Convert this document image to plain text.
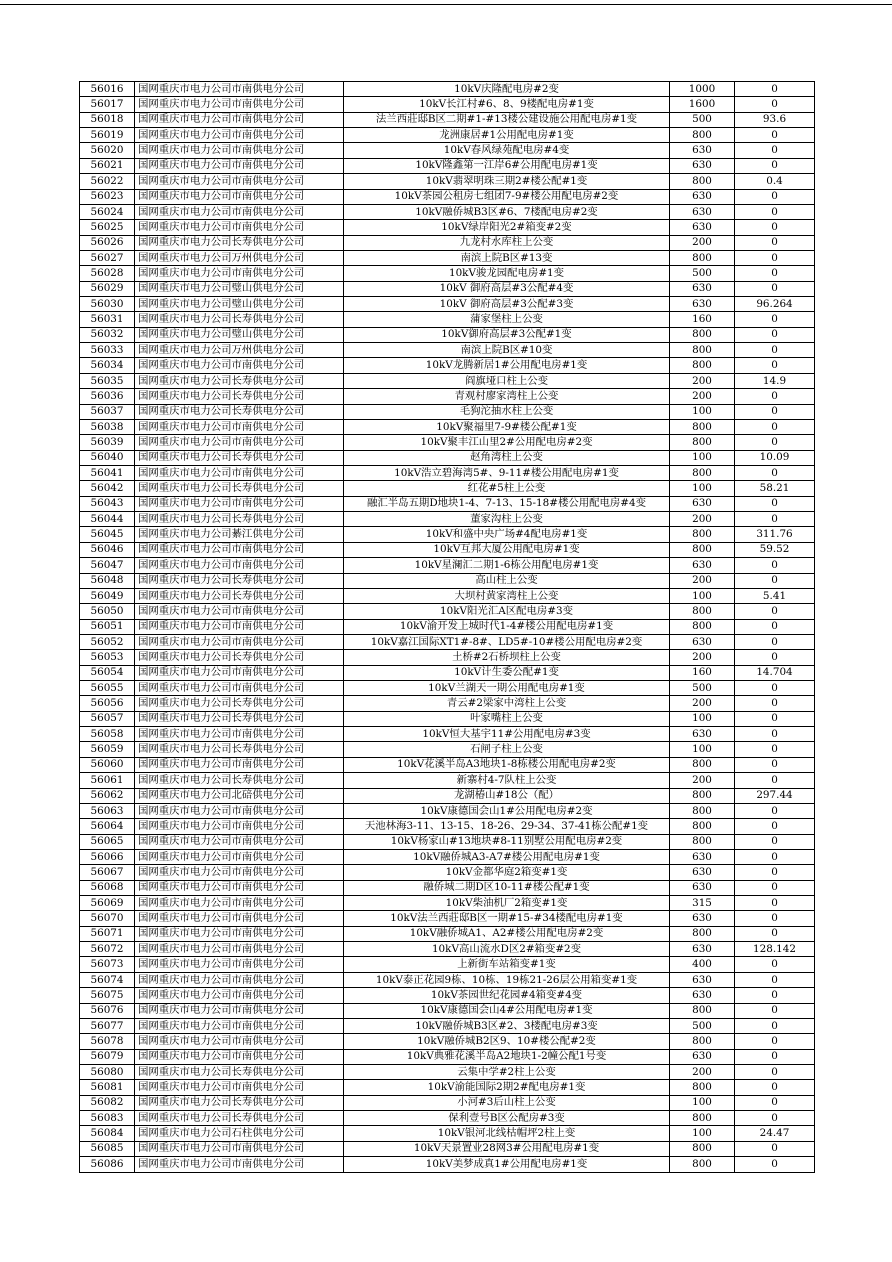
56016	国网重庆市电力公司市南供电分公司	10kV庆隆配电房#2变	1000	0
56017	国网重庆市电力公司市南供电分公司	10kV长江村#6、8、9楼配电房#1变	1600	0
56018	国网重庆市电力公司市南供电分公司	法兰西莊邸B区二期#1-#13楼公建设施公用配电房#1变	500	93.6
56019	国网重庆市电力公司市南供电分公司	龙洲康居#1公用配电房#1变	800	0
56020	国网重庆市电力公司市南供电分公司	10kV春风绿苑配电房#4变	630	0
56021	国网重庆市电力公司市南供电分公司	10kV隆鑫第一江岸6#公用配电房#1变	630	0
56022	国网重庆市电力公司市南供电分公司	10kV翡翠明珠三期2#楼公配#1变	800	0.4
56023	国网重庆市电力公司市南供电分公司	10kV茶园公租房七组团7-9#楼公用配电房#2变	630	0
56024	国网重庆市电力公司市南供电分公司	10kV融侨城B3区#6、7楼配电房#2变	630	0
56025	国网重庆市电力公司市南供电分公司	10kV绿岸阳光2#箱变#2变	630	0
56026	国网重庆市电力公司长寿供电分公司	九龙村水库柱上公变	200	0
56027	国网重庆市电力公司万州供电分公司	南滨上院B区#13变	800	0
56028	国网重庆市电力公司市南供电分公司	10kV骏龙园配电房#1变	500	0
56029	国网重庆市电力公司璧山供电分公司	10kV 御府高层#3公配#4变	630	0
56030	国网重庆市电力公司璧山供电分公司	10kV 御府高层#3公配#3变	630	96.264
56031	国网重庆市电力公司长寿供电分公司	蒲家堡柱上公变	160	0
56032	国网重庆市电力公司璧山供电分公司	10kV御府高层#3公配#1变	800	0
56033	国网重庆市电力公司万州供电分公司	南滨上院B区#10变	800	0
56034	国网重庆市电力公司市南供电分公司	10kV龙腾新居1#公用配电房#1变	800	0
56035	国网重庆市电力公司长寿供电分公司	阎旗垭口柱上公变	200	14.9
56036	国网重庆市电力公司长寿供电分公司	青观村廖家湾柱上公变	200	0
56037	国网重庆市电力公司长寿供电分公司	毛狗沱抽水柱上公变	100	0
56038	国网重庆市电力公司市南供电分公司	10kV聚福里7-9#楼公配#1变	800	0
56039	国网重庆市电力公司市南供电分公司	10kV聚丰江山里2#公用配电房#2变	800	0
56040	国网重庆市电力公司长寿供电分公司	赵角湾柱上公变	100	10.09
56041	国网重庆市电力公司市南供电分公司	10kV浩立碧海湾5#、9-11#楼公用配电房#1变	800	0
56042	国网重庆市电力公司长寿供电分公司	红花#5柱上公变	100	58.21
56043	国网重庆市电力公司市南供电分公司	融汇半岛五期D地块1-4、7-13、15-18#楼公用配电房#4变	630	0
56044	国网重庆市电力公司长寿供电分公司	董家沟柱上公变	200	0
56045	国网重庆市电力公司綦江供电分公司	10kV和盛中央广场#4配电房#1变	800	311.76
56046	国网重庆市电力公司市南供电分公司	10kV互邦大厦公用配电房#1变	800	59.52
56047	国网重庆市电力公司市南供电分公司	10kV星澜汇二期1-6栋公用配电房#1变	630	0
56048	国网重庆市电力公司长寿供电分公司	高山柱上公变	200	0
56049	国网重庆市电力公司长寿供电分公司	大坝村黄家湾柱上公变	100	5.41
56050	国网重庆市电力公司市南供电分公司	10kV阳光汇A区配电房#3变	800	0
56051	国网重庆市电力公司市南供电分公司	10kV渝开发上城时代1-4#楼公用配电房#1变	800	0
56052	国网重庆市电力公司市南供电分公司	10kV嘉江国际XT1#-8#、LD5#-10#楼公用配电房#2变	630	0
56053	国网重庆市电力公司长寿供电分公司	土桥#2石桥坝柱上公变	200	0
56054	国网重庆市电力公司市南供电分公司	10kV计生委公配#1变	160	14.704
56055	国网重庆市电力公司市南供电分公司	10kV兰湖天一期公用配电房#1变	500	0
56056	国网重庆市电力公司长寿供电分公司	青云#2梁家中湾柱上公变	200	0
56057	国网重庆市电力公司长寿供电分公司	叶家嘴柱上公变	100	0
56058	国网重庆市电力公司市南供电分公司	10kV恒大基宇11#公用配电房#3变	630	0
56059	国网重庆市电力公司长寿供电分公司	石闸子柱上公变	100	0
56060	国网重庆市电力公司市南供电分公司	10kV花溪半岛A3地块1-8栋楼公用配电房#2变	800	0
56061	国网重庆市电力公司长寿供电分公司	新寨村4-7队柱上公变	200	0
56062	国网重庆市电力公司北碚供电分公司	龙湖椿山#18公（配）	800	297.44
56063	国网重庆市电力公司市南供电分公司	10kV康德国会山1#公用配电房#2变	800	0
56064	国网重庆市电力公司市南供电分公司	天池林海3-11、13-15、18-26、29-34、37-41栋公配#1变	800	0
56065	国网重庆市电力公司市南供电分公司	10kV杨家山#13地块#8-11别墅公用配电房#2变	800	0
56066	国网重庆市电力公司市南供电分公司	10kV融侨城A3-A7#楼公用配电房#1变	630	0
56067	国网重庆市电力公司市南供电分公司	10kV金都华庭2箱变#1变	630	0
56068	国网重庆市电力公司市南供电分公司	融侨城二期D区10-11#楼公配#1变	630	0
56069	国网重庆市电力公司市南供电分公司	10kV柴油机厂2箱变#1变	315	0
56070	国网重庆市电力公司市南供电分公司	10kV法兰西莊邸B区一期#15-#34楼配电房#1变	630	0
56071	国网重庆市电力公司市南供电分公司	10kV融侨城A1、A2#楼公用配电房#2变	800	0
56072	国网重庆市电力公司市南供电分公司	10kV高山流水D区2#箱变#2变	630	128.142
56073	国网重庆市电力公司市南供电分公司	上新街车站箱变#1变	400	0
56074	国网重庆市电力公司市南供电分公司	10kV泰正花园9栋、10栋、19栋21-26层公用箱变#1变	630	0
56075	国网重庆市电力公司市南供电分公司	10kV茶园世纪花园#4箱变#4变	630	0
56076	国网重庆市电力公司市南供电分公司	10kV康德国会山4#公用配电房#1变	800	0
56077	国网重庆市电力公司市南供电分公司	10kV融侨城B3区#2、3楼配电房#3变	500	0
56078	国网重庆市电力公司市南供电分公司	10kV融侨城B2区9、10#楼公配#2变	800	0
56079	国网重庆市电力公司市南供电分公司	10kV典雅花溪半岛A2地块1-2幢公配1号变	630	0
56080	国网重庆市电力公司长寿供电分公司	云集中学#2柱上公变	200	0
56081	国网重庆市电力公司市南供电分公司	10kV渝能国际2期2#配电房#1变	800	0
56082	国网重庆市电力公司长寿供电分公司	小河#3后山柱上公变	100	0
56083	国网重庆市电力公司长寿供电分公司	保利壹号B区公配房#3变	800	0
56084	国网重庆市电力公司石柱供电分公司	10kV银河北线枯帽坪2柱上变	100	24.47
56085	国网重庆市电力公司市南供电分公司	10kV天景置业28网3#公用配电房#1变	800	0
56086	国网重庆市电力公司市南供电分公司	10kV美梦成真1#公用配电房#1变	800	0
